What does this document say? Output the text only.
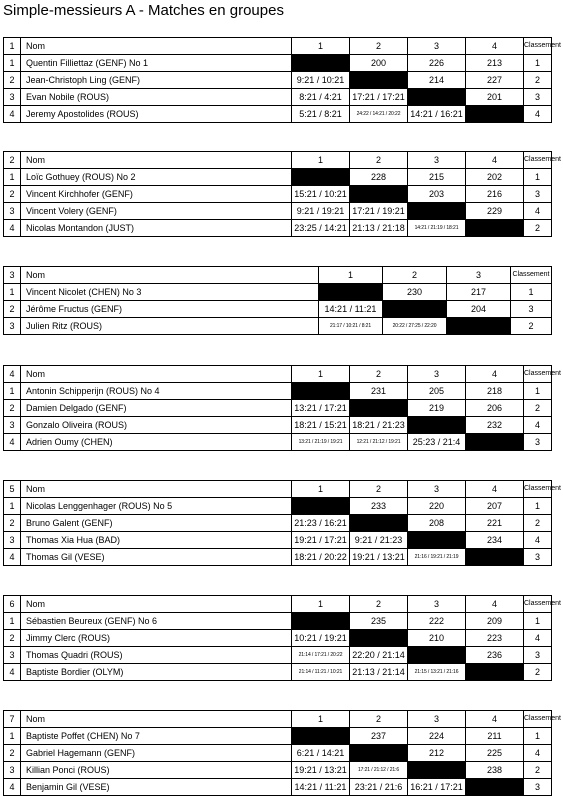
Simple-messieurs A - Matches en groupes
1	Nom	1	2	3	4	Classement
1	Quentin Filliettaz (GENF) No 1		200	226	213	1
2	Jean-Christoph Ling (GENF)	9:21 / 10:21		214	227	2
3	Evan Nobile (ROUS)	8:21 / 4:21	17:21 / 17:21		201	3
4	Jeremy Apostolides (ROUS)	5:21 / 8:21	24:22 / 14:21 / 20:22	14:21 / 16:21		4
2	Nom	1	2	3	4	Classement
1	Loïc Gothuey (ROUS) No 2		228	215	202	1
2	Vincent Kirchhofer (GENF)	15:21 / 10:21		203	216	3
3	Vincent Volery (GENF)	9:21 / 19:21	17:21 / 19:21		229	4
4	Nicolas Montandon (JUST)	23:25 / 14:21	21:13 / 21:18	14:21 / 21:19 / 18:21		2
3	Nom	1	2	3	Classement
1	Vincent Nicolet (CHEN) No 3		230	217	1
2	Jérôme Fructus (GENF)	14:21 / 11:21		204	3
3	Julien Ritz (ROUS)	21:17 / 10:21 / 8:21	20:22 / 27:25 / 22:20		2
4	Nom	1	2	3	4	Classement
1	Antonin Schipperijn (ROUS) No 4		231	205	218	1
2	Damien Delgado (GENF)	13:21 / 17:21		219	206	2
3	Gonzalo Oliveira (ROUS)	18:21 / 15:21	18:21 / 21:23		232	4
4	Adrien Oumy (CHEN)	13:21 / 21:19 / 19:21	12:21 / 21:12 / 19:21	25:23 / 21:4		3
5	Nom	1	2	3	4	Classement
1	Nicolas Lenggenhager (ROUS) No 5		233	220	207	1
2	Bruno Galent (GENF)	21:23 / 16:21		208	221	2
3	Thomas Xia Hua (BAD)	19:21 / 17:21	9:21 / 21:23		234	4
4	Thomas Gil (VESE)	18:21 / 20:22	19:21 / 13:21	21:16 / 19:21 / 21:19		3
6	Nom	1	2	3	4	Classement
1	Sébastien Beureux (GENF) No 6		235	222	209	1
2	Jimmy Clerc (ROUS)	10:21 / 19:21		210	223	4
3	Thomas Quadri (ROUS)	21:14 / 17:21 / 20:22	22:20 / 21:14		236	3
4	Baptiste Bordier (OLYM)	21:14 / 11:21 / 10:21	21:13 / 21:14	21:15 / 13:21 / 21:16		2
7	Nom	1	2	3	4	Classement
1	Baptiste Poffet (CHEN) No 7		237	224	211	1
2	Gabriel Hagemann (GENF)	6:21 / 14:21		212	225	4
3	Killian Ponci (ROUS)	19:21 / 13:21	17:21 / 21:12 / 21:6		238	2
4	Benjamin Gil (VESE)	14:21 / 11:21	23:21 / 21:6	16:21 / 17:21		3
